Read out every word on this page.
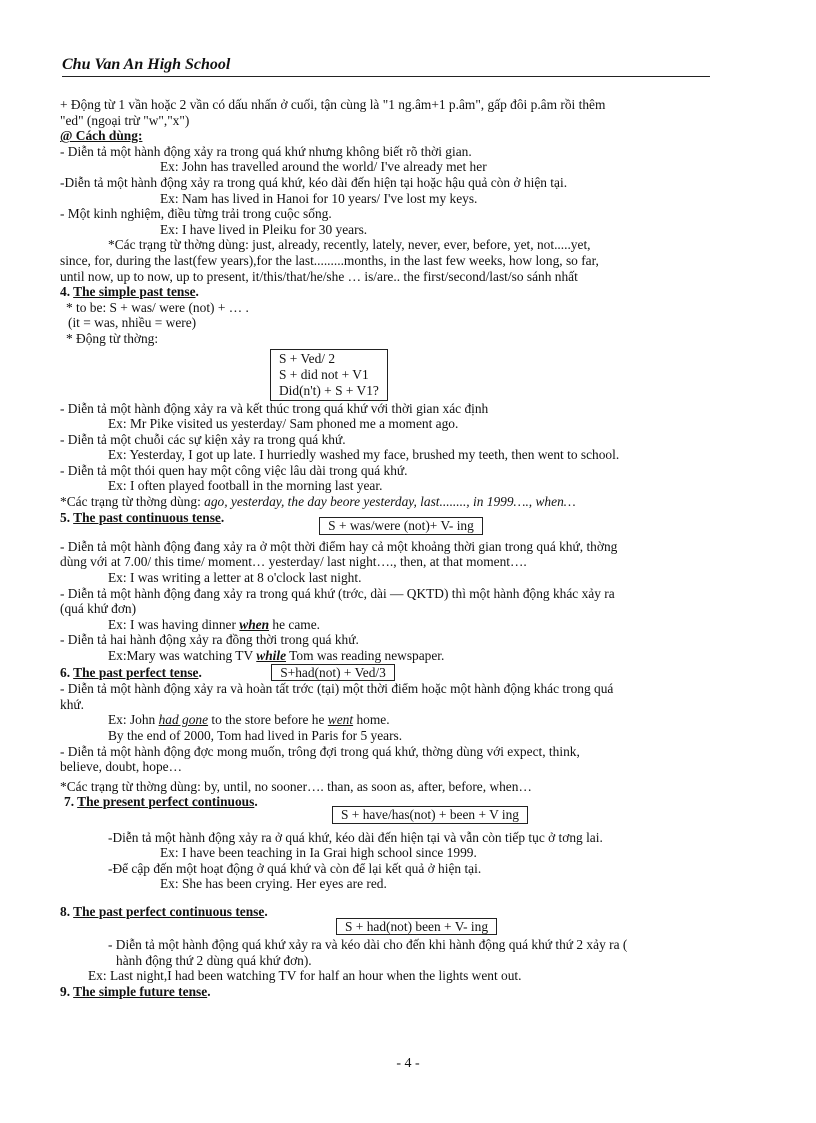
Chu Van An High School
+ Động từ 1 vần hoặc 2 vần có dấu nhấn ở cuối, tận cùng là "1 ng.âm+1 p.âm", gấp đôi p.âm rồi thêm
"ed" (ngoại trừ "w","x")
@ Cách dùng:
- Diễn tả một hành động xảy ra trong quá khứ nhưng không biết rõ thời gian.
Ex: John has travelled around the world/ I've already met her
-Diễn tả một hành động xảy ra trong quá khứ, kéo dài đến hiện tại hoặc hậu quả còn ở hiện tại.
Ex: Nam has lived in Hanoi for 10 years/ I've lost my keys.
- Một kinh nghiệm, điều từng trải trong cuộc sống.
Ex: I have lived in Pleiku for 30 years.
*Các trạng từ thờng dùng: just, already, recently, lately, never, ever, before, yet, not.....yet,
since, for, during the last(few years),for the last.........months, in the last few weeks, how long, so far,
until now, up to now, up to present, it/this/that/he/she … is/are.. the first/second/last/so sánh nhất
4. The simple past tense.
* to be: S + was/ were (not) + … .
(it = was, nhiều = were)
* Động từ thờng:
S + Ved/ 2
S + did not + V1
Did(n't) + S + V1?
- Diễn tả một hành động xảy ra và kết thúc trong quá khứ với thời gian xác định
Ex: Mr Pike visited us yesterday/ Sam phoned me a moment ago.
- Diễn tả một chuỗi các sự kiện xảy ra trong quá khứ.
Ex: Yesterday, I got up late. I hurriedly washed my face, brushed my teeth, then went to school.
- Diễn tả một thói quen hay một công việc lâu dài trong quá khứ.
Ex: I often played football in the morning last year.
*Các trạng từ thờng dùng: ago, yesterday, the day beore yesterday, last........, in 1999…., when…
5. The past continuous tense.
S + was/were (not)+ V- ing
- Diễn tả một hành động đang xảy ra ở một thời điểm hay cả một khoảng thời gian trong quá khứ, thờng
dùng với at 7.00/ this time/ moment… yesterday/ last night…., then, at that moment….
Ex: I was writing a letter at 8 o'clock last night.
- Diễn tả một hành động đang xảy ra trong quá khứ (trớc, dài — QKTD) thì một hành động khác xảy ra
(quá khứ đơn)
Ex: I was having dinner when he came.
- Diễn tả hai hành động xảy ra đồng thời trong quá khứ.
Ex:Mary was watching TV while Tom was reading newspaper.
6. The past perfect tense.	S+had(not) + Ved/3
- Diễn tả một hành động xảy ra và hoàn tất trớc (tại) một thời điểm hoặc một hành động khác trong quá
khứ.
Ex: John had gone to the store before he went home.
By the end of 2000, Tom had lived in Paris for 5 years.
- Diễn tả một hành động đợc mong muốn, trông đợi trong quá khứ, thờng dùng với expect, think,
believe, doubt, hope…
*Các trạng từ thờng dùng: by, until, no sooner…. than, as soon as, after, before, when…
7. The present perfect continuous.
S + have/has(not) + been + V ing
-Diễn tả một hành động xảy ra ở quá khứ, kéo dài đến hiện tại và vẫn còn tiếp tục ở tơng lai.
Ex: I have been teaching in Ia Grai high school since 1999.
-Để cập đến một hoạt động ở quá khứ và còn để lại kết quả ở hiện tại.
Ex: She has been crying. Her eyes are red.
8. The past perfect continuous tense.
S + had(not) been + V- ing
- Diễn tả một hành động quá khứ xảy ra và kéo dài cho đến khi hành động quá khứ thứ 2 xảy ra (
hành động thứ 2 dùng quá khứ đơn).
Ex: Last night,I had been watching TV for half an hour when the lights went out.
9. The simple future tense.
- 4 -
